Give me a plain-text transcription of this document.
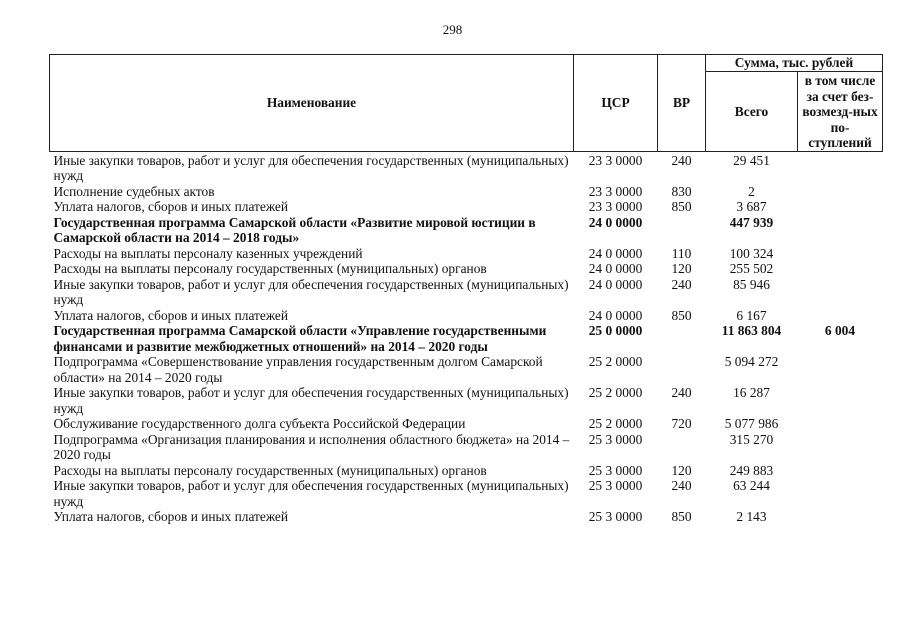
298
Наименование	ЦСР	ВР	Сумма, тыс. рублей	
			Всего	в том числе за счет без-возмезд-ных по-ступлений
Иные закупки товаров, работ и услуг для обеспечения государственных (муниципальных) нужд	23 3 0000	240	29 451	
Исполнение судебных актов	23 3 0000	830	2	
Уплата налогов, сборов и иных платежей	23 3 0000	850	3 687	
Государственная программа Самарской области «Развитие мировой юстиции в Самарской области на 2014 – 2018 годы»	24 0 0000		447 939	
Расходы на выплаты персоналу казенных учреждений	24 0 0000	110	100 324	
Расходы на выплаты персоналу государственных (муниципальных) органов	24 0 0000	120	255 502	
Иные закупки товаров, работ и услуг для обеспечения государственных (муниципальных) нужд	24 0 0000	240	85 946	
Уплата налогов, сборов и иных платежей	24 0 0000	850	6 167	
Государственная программа Самарской области «Управление государственными финансами и развитие межбюджетных отношений» на 2014 – 2020 годы	25 0 0000		11 863 804	6 004
Подпрограмма «Совершенствование управления государственным долгом Самарской области» на 2014 – 2020 годы	25 2 0000		5 094 272	
Иные закупки товаров, работ и услуг для обеспечения государственных (муниципальных) нужд	25 2 0000	240	16 287	
Обслуживание государственного долга субъекта Российской Федерации	25 2 0000	720	5 077 986	
Подпрограмма «Организация планирования и исполнения областного бюджета» на 2014 – 2020 годы	25 3 0000		315 270	
Расходы на выплаты персоналу государственных (муниципальных) органов	25 3 0000	120	249 883	
Иные закупки товаров, работ и услуг для обеспечения государственных (муниципальных) нужд	25 3 0000	240	63 244	
Уплата налогов, сборов и иных платежей	25 3 0000	850	2 143	
